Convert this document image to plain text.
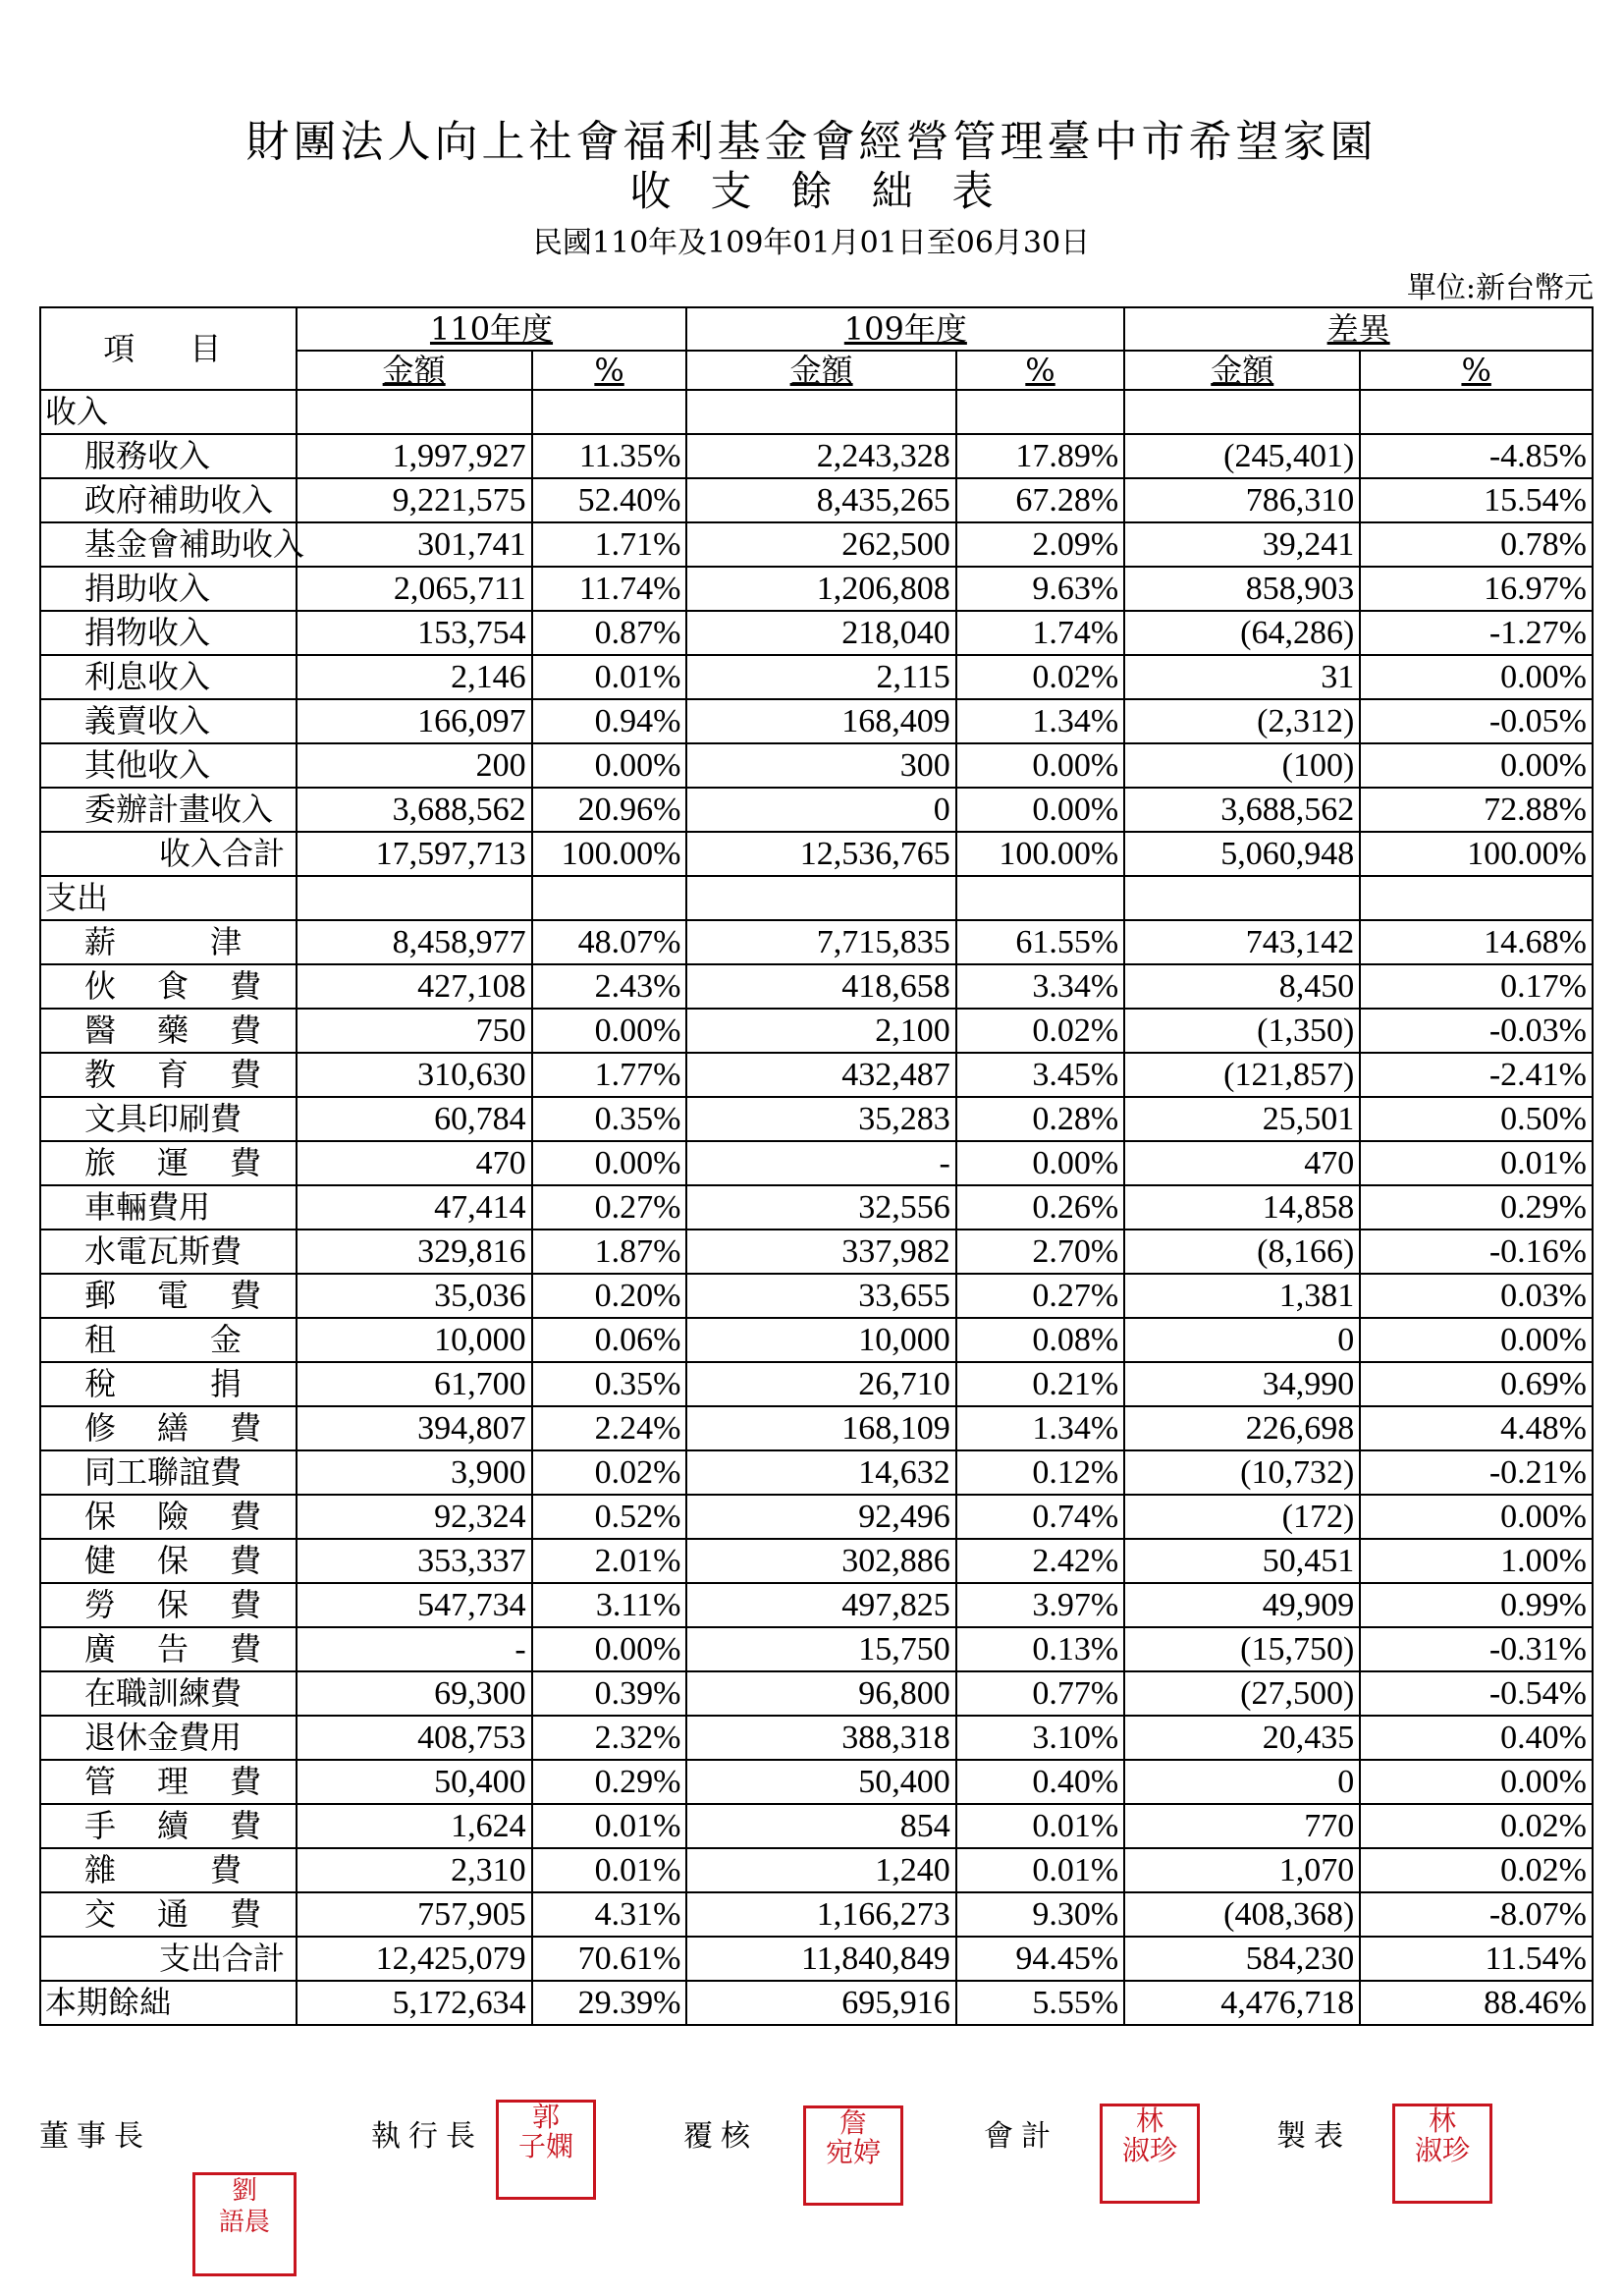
財團法人向上社會福利基金會經營管理臺中市希望家園
收支餘絀表
民國110年及109年01月01日至06月30日
單位:新台幣元
項　目	110年度		109年度		差異	
	金額	%	金額	%	金額	%
收入						
服務收入	1,997,927	11.35%	2,243,328	17.89%	(245,401)	-4.85%
政府補助收入	9,221,575	52.40%	8,435,265	67.28%	786,310	15.54%
基金會補助收入	301,741	1.71%	262,500	2.09%	39,241	0.78%
捐助收入	2,065,711	11.74%	1,206,808	9.63%	858,903	16.97%
捐物收入	153,754	0.87%	218,040	1.74%	(64,286)	-1.27%
利息收入	2,146	0.01%	2,115	0.02%	31	0.00%
義賣收入	166,097	0.94%	168,409	1.34%	(2,312)	-0.05%
其他收入	200	0.00%	300	0.00%	(100)	0.00%
委辦計畫收入	3,688,562	20.96%	0	0.00%	3,688,562	72.88%
收入合計	17,597,713	100.00%	12,536,765	100.00%	5,060,948	100.00%
支出						
薪津	8,458,977	48.07%	7,715,835	61.55%	743,142	14.68%
伙食費	427,108	2.43%	418,658	3.34%	8,450	0.17%
醫藥費	750	0.00%	2,100	0.02%	(1,350)	-0.03%
教育費	310,630	1.77%	432,487	3.45%	(121,857)	-2.41%
文具印刷費	60,784	0.35%	35,283	0.28%	25,501	0.50%
旅運費	470	0.00%	-	0.00%	470	0.01%
車輛費用	47,414	0.27%	32,556	0.26%	14,858	0.29%
水電瓦斯費	329,816	1.87%	337,982	2.70%	(8,166)	-0.16%
郵電費	35,036	0.20%	33,655	0.27%	1,381	0.03%
租金	10,000	0.06%	10,000	0.08%	0	0.00%
稅捐	61,700	0.35%	26,710	0.21%	34,990	0.69%
修繕費	394,807	2.24%	168,109	1.34%	226,698	4.48%
同工聯誼費	3,900	0.02%	14,632	0.12%	(10,732)	-0.21%
保險費	92,324	0.52%	92,496	0.74%	(172)	0.00%
健保費	353,337	2.01%	302,886	2.42%	50,451	1.00%
勞保費	547,734	3.11%	497,825	3.97%	49,909	0.99%
廣告費	-	0.00%	15,750	0.13%	(15,750)	-0.31%
在職訓練費	69,300	0.39%	96,800	0.77%	(27,500)	-0.54%
退休金費用	408,753	2.32%	388,318	3.10%	20,435	0.40%
管理費	50,400	0.29%	50,400	0.40%	0	0.00%
手續費	1,624	0.01%	854	0.01%	770	0.02%
雜費	2,310	0.01%	1,240	0.01%	1,070	0.02%
交通費	757,905	4.31%	1,166,273	9.30%	(408,368)	-8.07%
支出合計	12,425,079	70.61%	11,840,849	94.45%	584,230	11.54%
本期餘絀	5,172,634	29.39%	695,916	5.55%	4,476,718	88.46%
董事長	執行長	覆核	會計	製表
劉
語晨
郭
子嫻
詹
宛婷
林
淑珍
林
淑珍
